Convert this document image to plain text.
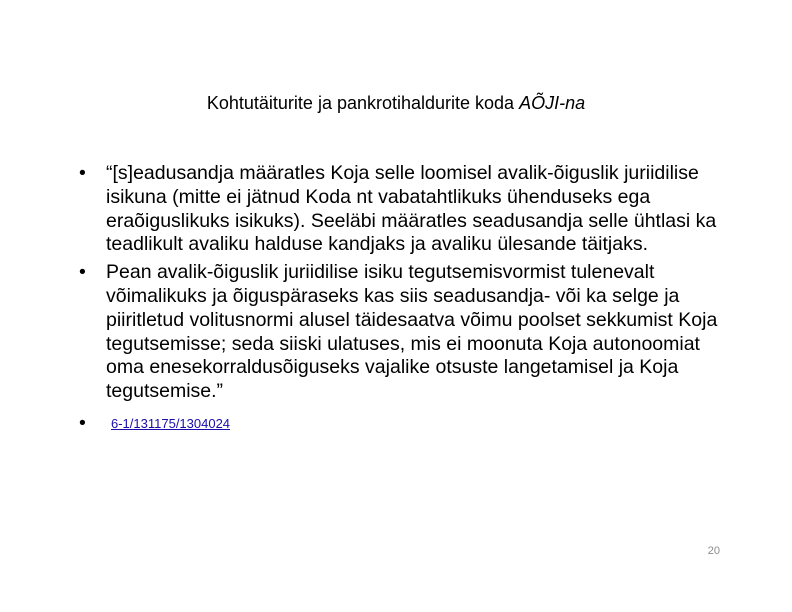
Kohtutäiturite ja pankrotihaldurite koda AÕJI-na
•	“[s]eadusandja määratles Koja selle loomisel avalik-õiguslik juriidilise isikuna (mitte ei jätnud Koda nt vabatahtlikuks ühenduseks ega eraõiguslikuks isikuks). Seeläbi määratles seadusandja selle ühtlasi ka teadlikult avaliku halduse kandjaks ja avaliku ülesande täitjaks.
•	Pean avalik-õiguslik juriidilise isiku tegutsemisvormist tulenevalt võimalikuks ja õiguspäraseks kas siis seadusandja- või ka selge ja piiritletud volitusnormi alusel täidesaatva võimu poolset sekkumist Koja tegutsemisse; seda siiski ulatuses, mis ei moonuta Koja autonoomiat oma enesekorraldusõiguseks vajalike otsuste langetamisel ja Koja tegutsemise.”
•	6-1/131175/1304024
20
